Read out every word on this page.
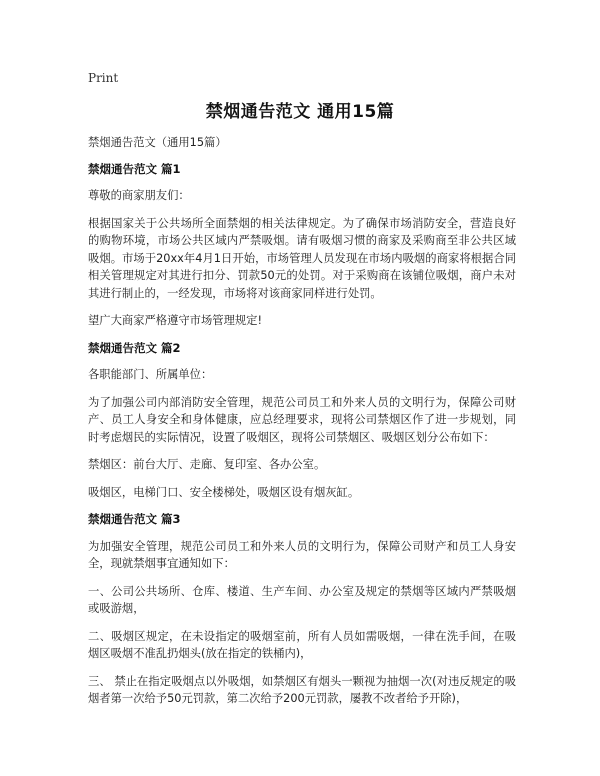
Print
禁烟通告范文 通用15篇

禁烟通告范文（通用15篇）

禁烟通告范文 篇1

尊敬的商家朋友们：

根据国家关于公共场所全面禁烟的相关法律规定。为了确保市场消防安全，营造良好的购物环境，市场公共区域内严禁吸烟。请有吸烟习惯的商家及采购商至非公共区域吸烟。市场于20xx年4月1日开始，市场管理人员发现在市场内吸烟的商家将根据合同相关管理规定对其进行扣分、罚款50元的处罚。对于采购商在该铺位吸烟，商户未对其进行制止的，一经发现，市场将对该商家同样进行处罚。

望广大商家严格遵守市场管理规定!

禁烟通告范文 篇2

各职能部门、所属单位：

为了加强公司内部消防安全管理，规范公司员工和外来人员的文明行为，保障公司财产、员工人身安全和身体健康，应总经理要求，现将公司禁烟区作了进一步规划，同时考虑烟民的实际情况，设置了吸烟区，现将公司禁烟区、吸烟区划分公布如下：

禁烟区：前台大厅、走廊、复印室、各办公室。

吸烟区，电梯门口、安全楼梯处，吸烟区设有烟灰缸。

禁烟通告范文 篇3

为加强安全管理，规范公司员工和外来人员的文明行为，保障公司财产和员工人身安全，现就禁烟事宜通知如下：

一、公司公共场所、仓库、楼道、生产车间、办公室及规定的禁烟等区域内严禁吸烟或吸游烟，

二、吸烟区规定，在未设指定的吸烟室前，所有人员如需吸烟，一律在洗手间，在吸烟区吸烟不准乱扔烟头(放在指定的铁桶内)，

三、 禁止在指定吸烟点以外吸烟，如禁烟区有烟头一颗视为抽烟一次(对违反规定的吸烟者第一次给予50元罚款，第二次给予200元罚款，屡教不改者给予开除)，
